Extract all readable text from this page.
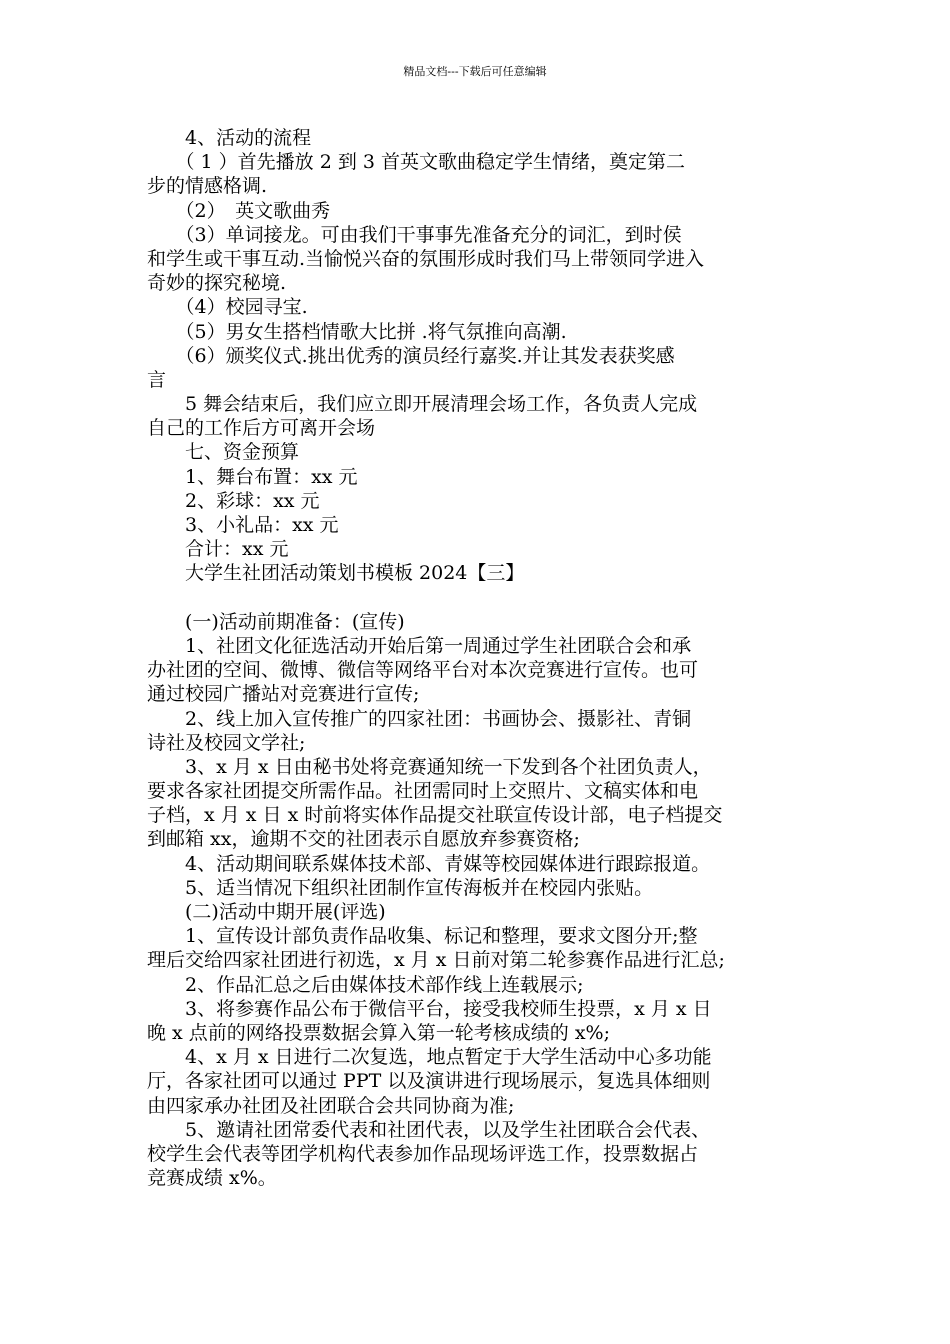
精品文档---下载后可任意编辑
　　4、活动的流程
　　（ 1 ）首先播放 2 到 3 首英文歌曲稳定学生情绪，奠定第二
步的情感格调.
　　（2）　英文歌曲秀
　　（3）单词接龙。可由我们干事事先准备充分的词汇，到时侯
和学生或干事互动.当愉悦兴奋的氛围形成时我们马上带领同学进入
奇妙的探究秘境.
　　（4）校园寻宝.
　　（5）男女生搭档情歌大比拼 .将气氛推向高潮.
　　（6）颁奖仪式.挑出优秀的演员经行嘉奖.并让其发表获奖感
言
　　5 舞会结束后，我们应立即开展清理会场工作，各负责人完成
自己的工作后方可离开会场
　　七、资金预算
　　1、舞台布置：xx 元
　　2、彩球：xx 元
　　3、小礼品：xx 元
　　合计：xx 元
　　大学生社团活动策划书模板 2024【三】
　　(一)活动前期准备：(宣传)
　　1、社团文化征选活动开始后第一周通过学生社团联合会和承
办社团的空间、微博、微信等网络平台对本次竞赛进行宣传。也可
通过校园广播站对竞赛进行宣传;
　　2、线上加入宣传推广的四家社团：书画协会、摄影社、青铜
诗社及校园文学社;
　　3、x 月 x 日由秘书处将竞赛通知统一下发到各个社团负责人，
要求各家社团提交所需作品。社团需同时上交照片、文稿实体和电
子档，x 月 x 日 x 时前将实体作品提交社联宣传设计部，电子档提交
到邮箱 xx，逾期不交的社团表示自愿放弃参赛资格;
　　4、活动期间联系媒体技术部、青媒等校园媒体进行跟踪报道。
　　5、适当情况下组织社团制作宣传海板并在校园内张贴。
　　(二)活动中期开展(评选)
　　1、宣传设计部负责作品收集、标记和整理，要求文图分开;整
理后交给四家社团进行初选，x 月 x 日前对第二轮参赛作品进行汇总;
　　2、作品汇总之后由媒体技术部作线上连载展示;
　　3、将参赛作品公布于微信平台，接受我校师生投票，x 月 x 日
晚 x 点前的网络投票数据会算入第一轮考核成绩的 x%;
　　4、x 月 x 日进行二次复选，地点暂定于大学生活动中心多功能
厅，各家社团可以通过 PPT 以及演讲进行现场展示，复选具体细则
由四家承办社团及社团联合会共同协商为准;
　　5、邀请社团常委代表和社团代表，以及学生社团联合会代表、
校学生会代表等团学机构代表参加作品现场评选工作，投票数据占
竞赛成绩 x%。
